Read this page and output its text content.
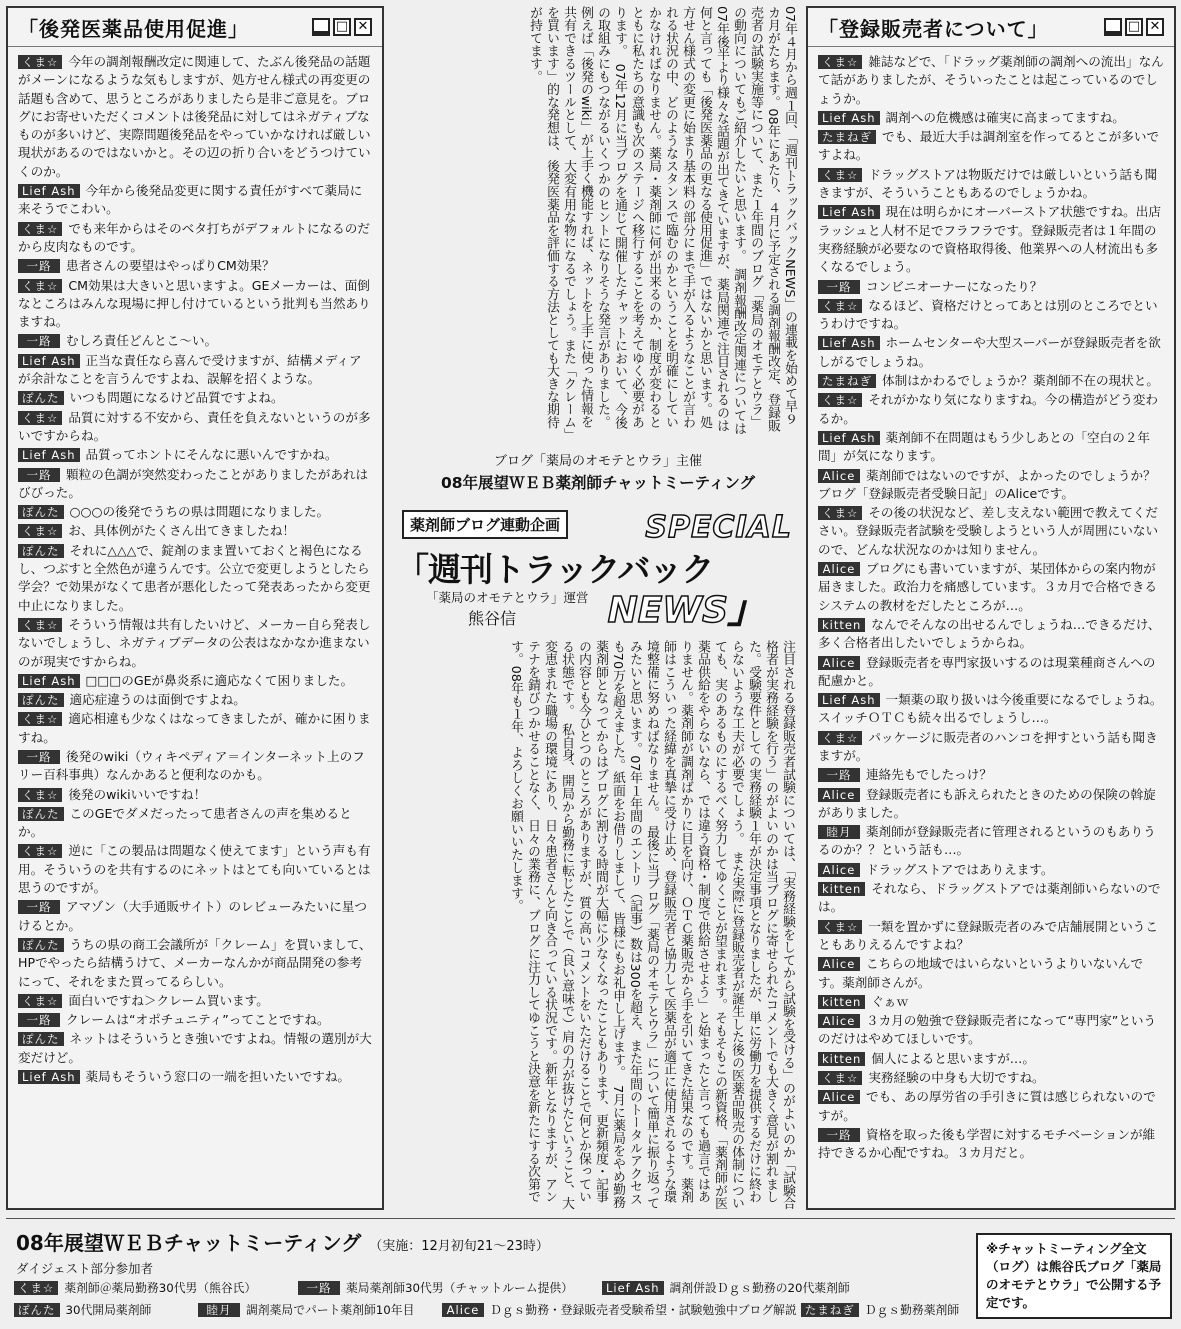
「後発医薬品使用促進」	□ ✕

くま☆ 今年の調剤報酬改定に関連して、たぶん後発品の話題がメーンになるような気もしますが、処方せん様式の再変更の話題も含めて、思うところがありましたら是非ご意見を。ブログにお寄せいただくコメントは後発品に対してはネガティブなものが多いけど、実際問題後発品をやっていかなければ厳しい現状があるのではないかと。その辺の折り合いをどうつけていくのか。

Lief Ash 今年から後発品変更に関する責任がすべて薬局に来そうでこわい。

くま☆ でも来年からはそのベタ打ちがデフォルトになるのだから皮肉なものです。

一路 患者さんの要望はやっぱりCM効果？

くま☆ CM効果は大きいと思いますよ。GEメーカーは、面倒なところはみんな現場に押し付けているという批判も当然ありますね。

一路 むしろ責任どんとこ～い。

Lief Ash 正当な責任なら喜んで受けますが、結構メディアが余計なことを言うんですよね、誤解を招くような。

ぽんた いつも問題になるけど品質ですよね。

くま☆ 品質に対する不安から、責任を負えないというのが多いですからね。

Lief Ash 品質ってホントにそんなに悪いんですかね。

一路 顆粒の色調が突然変わったことがありましたがあれはびびった。

ぽんた ○○○の後発でうちの県は問題になりました。

くま☆ お、具体例がたくさん出てきましたね！

ぽんた それに△△△で、錠剤のまま置いておくと褐色になるし、つぶすと全然色が違うんです。公立で変更しようとしたら学会？で効果がなくて患者が悪化したって発表あったから変更中止になりました。

くま☆ そういう情報は共有したいけど、メーカー自ら発表しないでしょうし、ネガティブデータの公表はなかなか進まないのが現実ですからね。

Lief Ash □□□のGEが鼻炎系に適応なくて困りました。

ぽんた 適応症違うのは面倒ですよね。

くま☆ 適応相違も少なくはなってきましたが、確かに困りますね。

一路 後発のwiki（ウィキペディア＝インターネット上のフリー百科事典）なんかあると便利なのかも。

くま☆ 後発のwikiいいですね！

ぽんた このGEでダメだったって患者さんの声を集めるとか。

くま☆ 逆に「この製品は問題なく使えてます」という声も有用。そういうのを共有するのにネットはとても向いているとは思うのですが。

一路 アマゾン（大手通販サイト）のレビューみたいに星つけるとか。

ぽんた うちの県の商工会議所が「クレーム」を買いまして、HPでやったら結構うけて、メーカーなんかが商品開発の参考にって、それをまた買ってるらしい。

くま☆ 面白いですね＞クレーム買います。

一路 クレームは“オポチュニティ”ってことですね。

ぽんた ネットはそういうとき強いですよね。情報の選別が大変だけど。

Lief Ash 薬局もそういう窓口の一端を担いたいですね。

07年４月から週１回、「週刊トラックバックNEWS」の連載を始めて早９カ月がたちます。08年にあたり、４月に予定される調剤報酬改定、登録販売者の試験実施等について、また１年間のブログ「薬局のオモテとウラ」の動向についてもご紹介したいと思います。　調剤報酬改定関連については07年後半より様々な話題が出てきていますが、薬局関連で注目されるのは何と言っても「後発医薬品の更なる使用促進」ではないかと思います。処方せん様式の変更に始まり基本料の部分にまで手が入るようなことが言われる状況の中、どのようなスタンスで臨むのかということを明確にしていかなければなりません。薬局・薬剤師に何が出来るのか、制度が変わるとともに私たちの意識も次のステージへ移行することを考えてゆく必要があります。　07年12月に当ブログを通じて開催したチャットにおいて、今後の取組みにもつながるいくつかのヒントになりそうな発言がありました。例えば「後発のwiki」が上手く機能すれば、ネットを上手に使った情報を共有できるツールとして、大変有用な物になるでしょう。また「クレーム」を買います」的な発想は、後発医薬品を評価する方法としても大きな期待が持てます。
ブログ「薬局のオモテとウラ」主催
08年展望ＷＥＢ薬剤師チャットミーティング
薬剤師ブログ連動企画	SPECIAL
「週刊トラックバック
「薬局のオモテとウラ」運営 NEWS」
熊谷信
注目される登録販売者試験については、「実務経験をしてから試験を受ける」のがよいのか「試験合格者が実務経験を行う」のがよいのかは当ブログに寄せられたコメントでも大きく意見が割れました。受験要件としての実務経験１年が決定事項となりましたが、単に労働力を提供するだけに終わらないような工夫が必要でしょう。　また実際に登録販売者が誕生した後の医薬品販売の体制についても、実のあるものにするべく努力してゆくことが望まれます。そもそもこの新資格、「薬剤師が医薬品供給をやらないなら、では違う資格・制度で供給させよう」と始まったと言っても過言ではありません。薬剤師が調剤ばかりに目を向け、ＯＴＣ薬販売から手を引いてきた結果なのです。薬剤師はこういった経緯を真摯に受け止め、登録販売者と協力して医薬品が適正に使用されるような環境整備に努めねばなりません。　最後に当ブログ「薬局のオモテとウラ」について簡単に振り返ってみたいと思います。07年１年間のエントリ（記事）数は300を超え、また年間のトータルアクセスも70万を超えました。紙面をお借りしまして、皆様にもお礼申し上げます。　7月に薬局をやめ勤務薬剤師となってからはブログに割ける時間が大幅に少なくなったこともあります、更新頻度・記事の内容とも今ひとつのところがありますが、質の高いコメントをいただけることで何とか保っている状態です。　私自身、開局から勤務に転じたことで（良い意味で）肩の力が抜けたということ、大変恵まれた職場の環境にあり、日々患者さんと向き合っている状況です。新年となりますが、アンテナを錆びつかせることなく、日々の業務に、ブログに注力してゆこうと決意を新たにする次第です。08年も１年、よろしくお願いいたします。
「登録販売者について」	□ ✕

くま☆ 雑誌などで、「ドラッグ薬剤師の調剤への流出」なんて話がありましたが、そういったことは起こっているのでしょうか。

Lief Ash 調剤への危機感は確実に高まってますね。

たまねぎ でも、最近大手は調剤室を作ってるとこが多いですよね。

くま☆ ドラッグストアは物販だけでは厳しいという話も聞きますが、そういうこともあるのでしょうかね。

Lief Ash 現在は明らかにオーバーストア状態ですね。出店ラッシュと人材不足でフラフラです。登録販売者は１年間の実務経験が必要なので資格取得後、他業界への人材流出も多くなるでしょう。

一路 コンビニオーナーになったり？

くま☆ なるほど、資格だけとってあとは別のところでというわけですね。

Lief Ash ホームセンターや大型スーパーが登録販売者を欲しがるでしょうね。

たまねぎ 体制はかわるでしょうか？薬剤師不在の現状と。

くま☆ それがかなり気になりますね。今の構造がどう変わるか。

Lief Ash 薬剤師不在問題はもう少しあとの「空白の２年間」が気になります。

Alice 薬剤師ではないのですが、よかったのでしょうか？ブログ「登録販売者受験日記」のAliceです。

くま☆ その後の状況など、差し支えない範囲で教えてください。登録販売者試験を受験しようという人が周囲にいないので、どんな状況なのかは知りません。

Alice ブログにも書いていますが、某団体からの案内物が届きました。政治力を痛感しています。３カ月で合格できるシステムの教材をだしたところが…。

kitten なんでそんなの出せるんでしょうね…できるだけ、多く合格者出したいでしょうからね。

Alice 登録販売者を専門家扱いするのは現業種商さんへの配慮かと。

Lief Ash 一類薬の取り扱いは今後重要になるでしょうね。スイッチＯＴＣも続々出るでしょうし…。

くま☆ パッケージに販売者のハンコを押すという話も聞きますが。

一路 連絡先もでしたっけ？

Alice 登録販売者にも訴えられたときのための保険の斡旋がありました。

睦月 薬剤師が登録販売者に管理されるというのもありうるのか？？という話も…。

Alice ドラッグストアではありえます。

kitten それなら、ドラッグストアでは薬剤師いらないのでは。

くま☆ 一類を置かずに登録販売者のみで店舗展開ということもありえるんですよね？

Alice こちらの地域ではいらないというよりいないんです。薬剤師さんが。

kitten ぐぁｗ

Alice ３カ月の勉強で登録販売者になって“専門家”というのだけはやめてほしいです。

kitten 個人によると思いますが…。

くま☆ 実務経験の中身も大切ですね。

Alice でも、あの厚労省の手引きに質は感じられないのですが。

一路 資格を取った後も学習に対するモチベーションが維持できるか心配ですね。３カ月だと。

08年展望ＷＥＢチャットミーティング （実施：12月初旬21～23時）
ダイジェスト部分参加者
くま☆ 薬剤師＠薬局勤務30代男（熊谷氏）	一路	薬局薬剤師30代男（チャットルーム提供）	Lief Ash 調剤併設Ｄｇｓ勤務の20代薬剤師
ぽんた 30代開局薬剤師	睦月	調剤薬局でパート薬剤師10年目	Alice Ｄｇｓ勤務・登録販売者受験希望・試験勉強中ブログ解説 たまねぎ Ｄｇｓ勤務薬剤師
※チャットミーティング全文（ログ）は熊谷氏ブログ「薬局のオモテとウラ」で公開する予定です。
